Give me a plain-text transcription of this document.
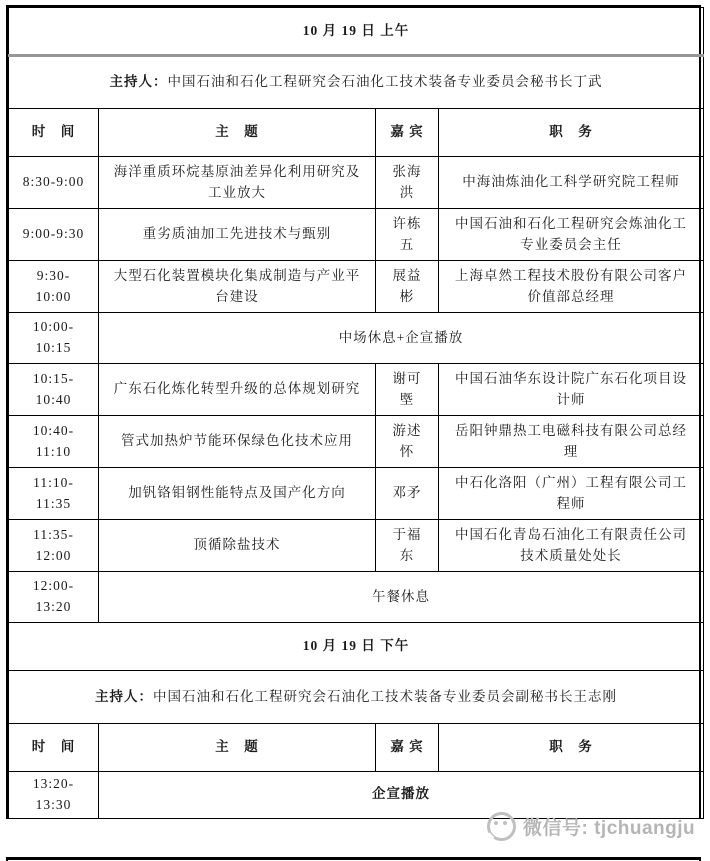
10 月 19 日 上午			
主持人：中国石油和石化工程研究会石油化工技术装备专业委员会秘书长丁武			
时　间	主　题	嘉 宾	职　务
8:30-9:00	海洋重质环烷基原油差异化利用研究及工业放大	张海洪	中海油炼油化工科学研究院工程师
9:00-9:30	重劣质油加工先进技术与甄别	许栋五	中国石油和石化工程研究会炼油化工专业委员会主任
9:30-10:00	大型石化装置模块化集成制造与产业平台建设	展益彬	上海卓然工程技术股份有限公司客户价值部总经理
10:00-10:15	中场休息+企宣播放		
10:15-10:40	广东石化炼化转型升级的总体规划研究	谢可塈	中国石油华东设计院广东石化项目设计师
10:40-11:10	管式加热炉节能环保绿色化技术应用	游述怀	岳阳钟鼎热工电磁科技有限公司总经理
11:10-11:35	加钒铬钼钢性能特点及国产化方向	邓矛	中石化洛阳（广州）工程有限公司工程师
11:35-12:00	顶循除盐技术	于福东	中国石化青岛石油化工有限责任公司技术质量处处长
12:00-13:20	午餐休息		
10 月 19 日 下午			
主持人：中国石油和石化工程研究会石油化工技术装备专业委员会副秘书长王志刚			
时　间	主　题	嘉 宾	职　务
13:20-13:30	企宣播放		
微信号: tjchuangju
